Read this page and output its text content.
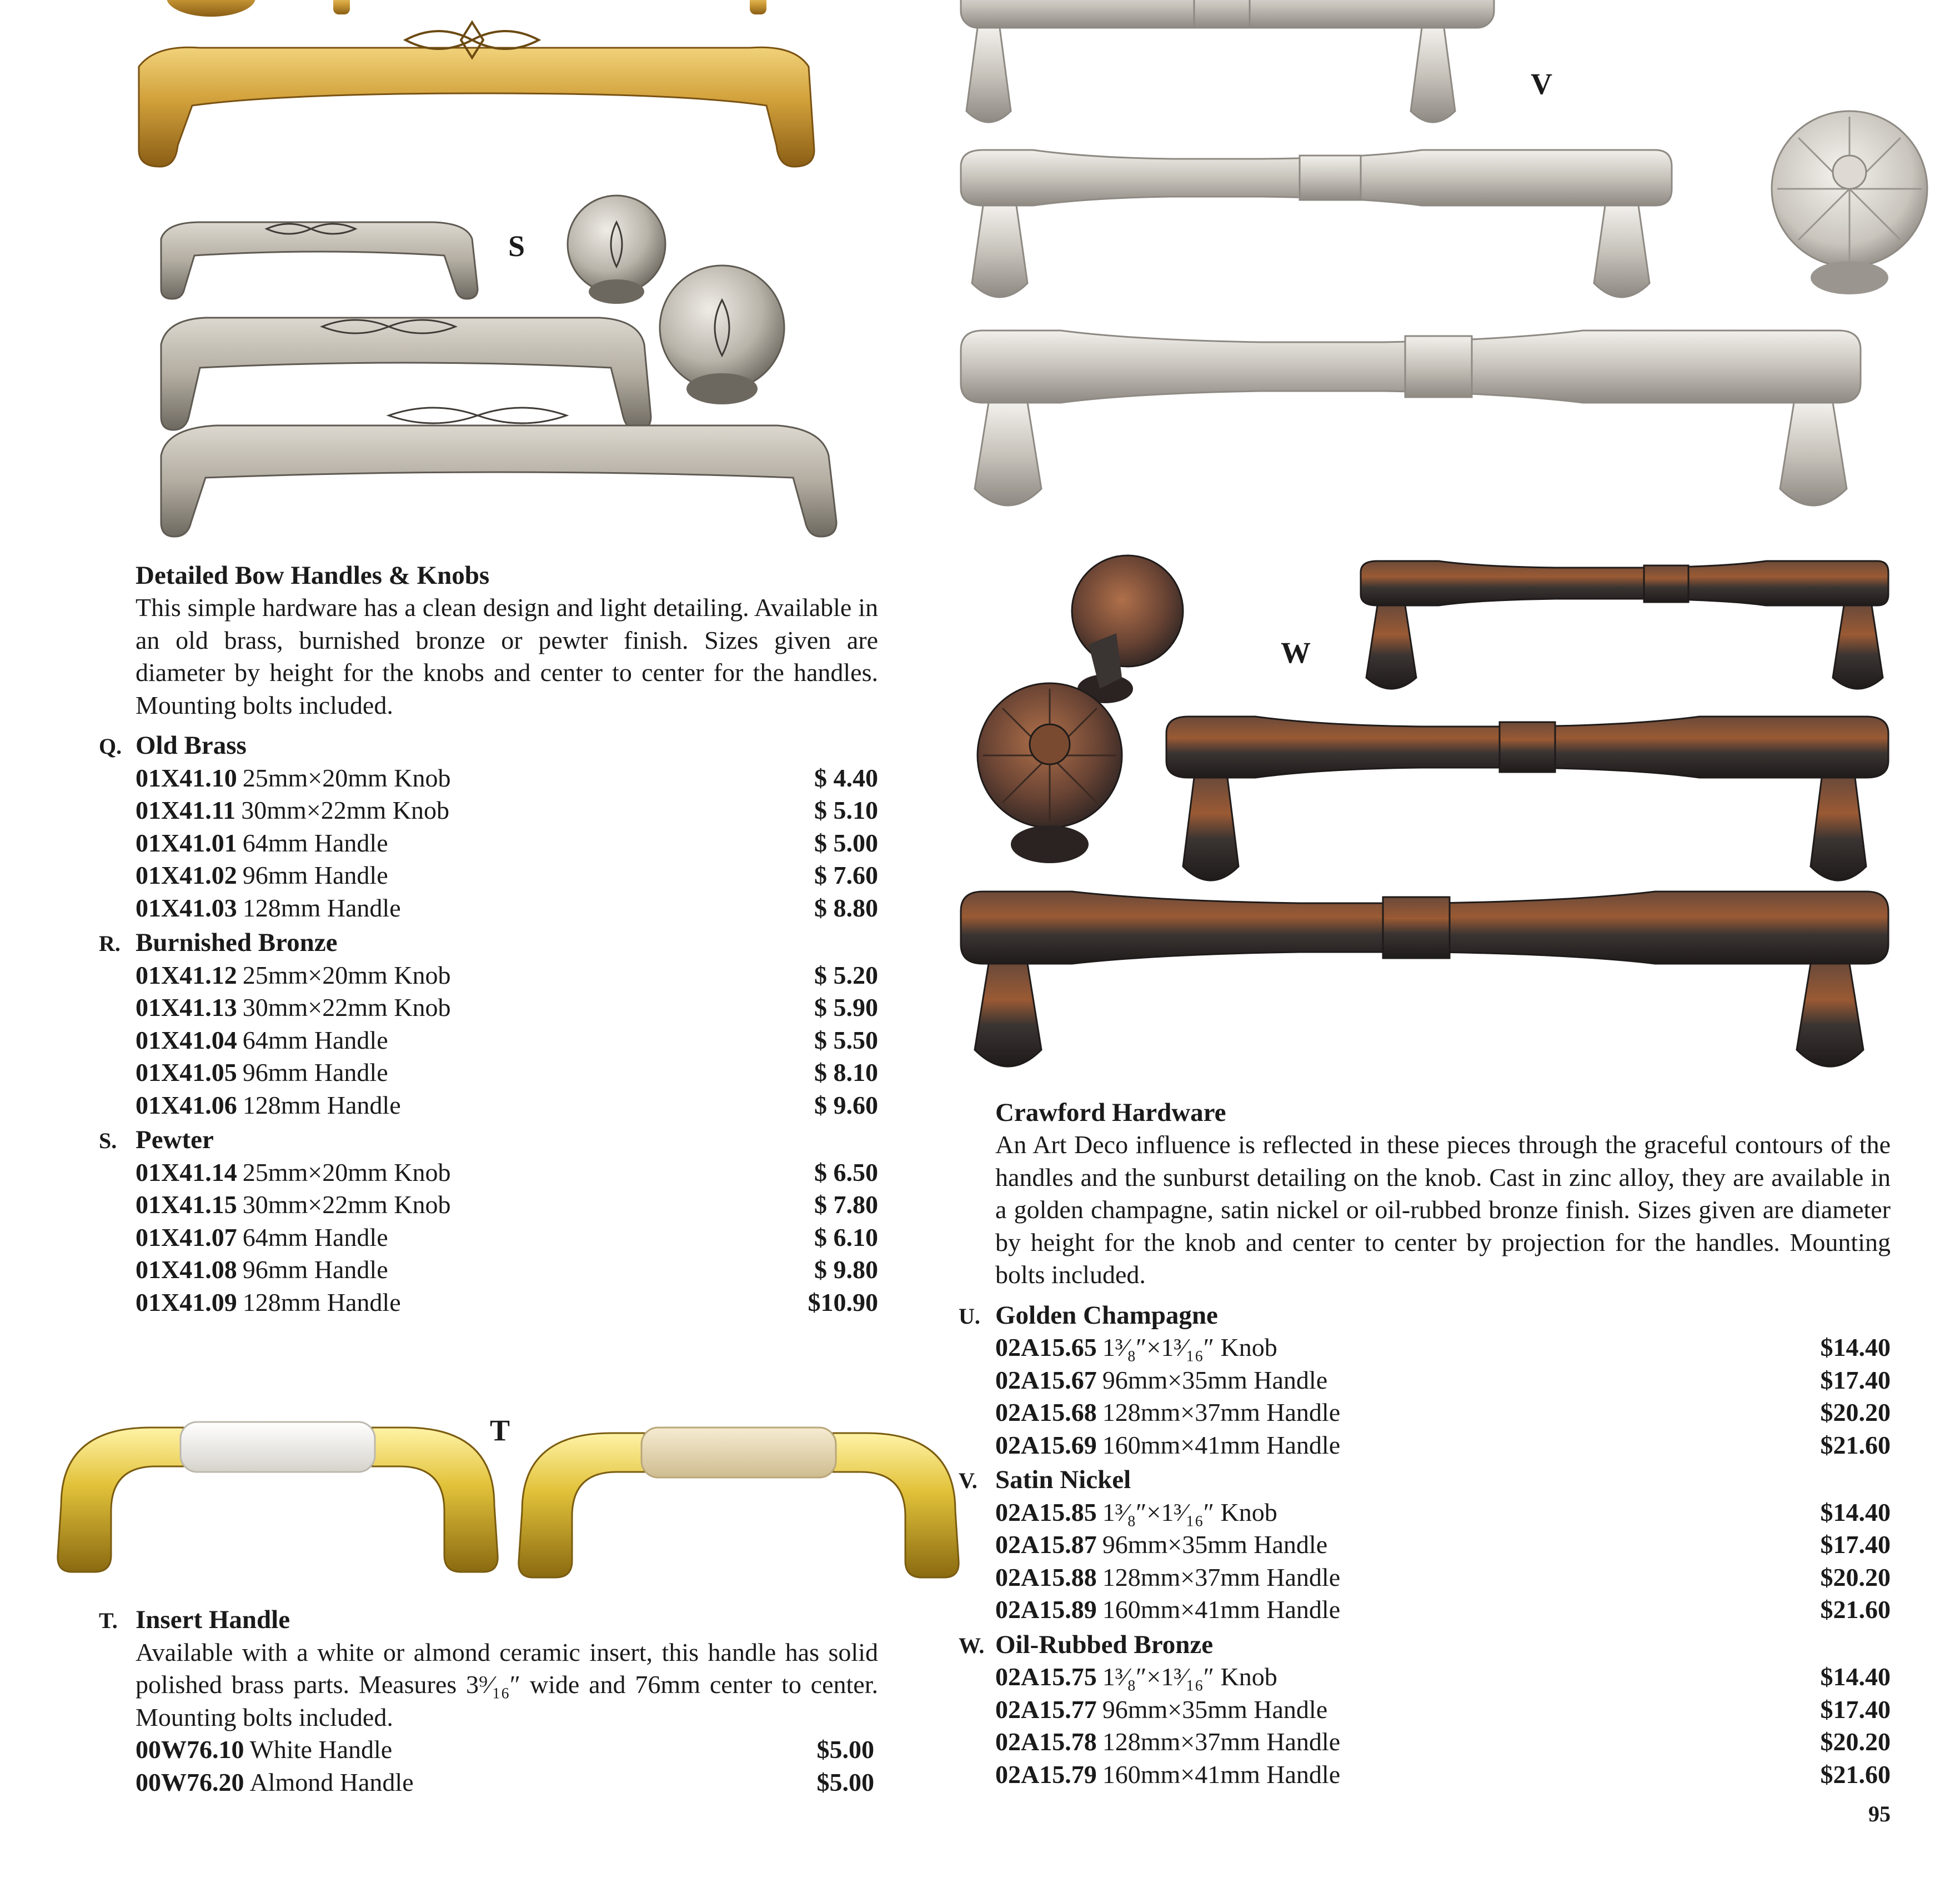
S
V
W
T
Detailed Bow Handles & Knobs

This simple hardware has a clean design and light detailing. Available in an old brass, burnished bronze or pewter finish. Sizes given are diameter by height for the knobs and center to center for the handles. Mounting bolts included.

Q. Old Brass
01X41.10 25mm×20mm Knob	$ 4.40
01X41.11 30mm×22mm Knob	$ 5.10
01X41.01 64mm Handle	$ 5.00
01X41.02 96mm Handle	$ 7.60
01X41.03 128mm Handle	$ 8.80
R. Burnished Bronze
01X41.12 25mm×20mm Knob	$ 5.20
01X41.13 30mm×22mm Knob	$ 5.90
01X41.04 64mm Handle	$ 5.50
01X41.05 96mm Handle	$ 8.10
01X41.06 128mm Handle	$ 9.60
S. Pewter
01X41.14 25mm×20mm Knob	$ 6.50
01X41.15 30mm×22mm Knob	$ 7.80
01X41.07 64mm Handle	$ 6.10
01X41.08 96mm Handle	$ 9.80
01X41.09 128mm Handle	$10.90
T. Insert Handle

Available with a white or almond ceramic insert, this handle has solid polished brass parts. Measures 3⁹⁄₁₆″ wide and 76mm center to center. Mounting bolts included.

00W76.10 White Handle	$5.00
00W76.20 Almond Handle	$5.00
Crawford Hardware

An Art Deco influence is reflected in these pieces through the graceful contours of the handles and the sunburst detailing on the knob. Cast in zinc alloy, they are available in a golden champagne, satin nickel or oil-rubbed bronze finish. Sizes given are diameter by height for the knob and center to center by projection for the handles. Mounting bolts included.

U. Golden Champagne
02A15.65 1³⁄₈″×1³⁄₁₆″ Knob	$14.40
02A15.67 96mm×35mm Handle	$17.40
02A15.68 128mm×37mm Handle	$20.20
02A15.69 160mm×41mm Handle	$21.60
V. Satin Nickel
02A15.85 1³⁄₈″×1³⁄₁₆″ Knob	$14.40
02A15.87 96mm×35mm Handle	$17.40
02A15.88 128mm×37mm Handle	$20.20
02A15.89 160mm×41mm Handle	$21.60
W. Oil-Rubbed Bronze
02A15.75 1³⁄₈″×1³⁄₁₆″ Knob	$14.40
02A15.77 96mm×35mm Handle	$17.40
02A15.78 128mm×37mm Handle	$20.20
02A15.79 160mm×41mm Handle	$21.60
95
